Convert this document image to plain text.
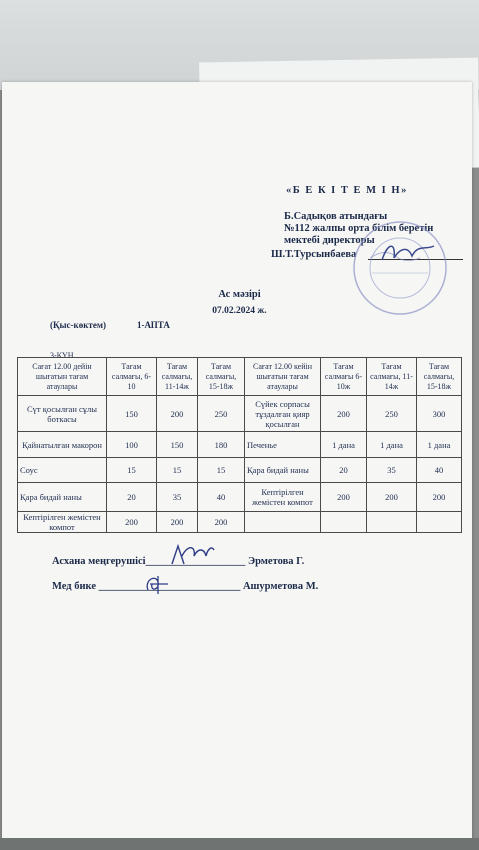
«Б Е К І Т Е М І Н»
Б.Садықов атындағы
№112 жалпы орта білім беретін
мектебі директоры
Ш.Т.Турсынбаева
Ас мәзірі
07.02.2024 ж.
(Қыс-көктем)	1-АПТА
3-КҮН
Сағат 12.00 дейін шығатын тағам атаулары	Тағам салмағы, 6-10	Тағам салмағы, 11-14ж	Тағам салмағы, 15-18ж	Сағат 12.00 кейін шығатын тағам атаулары	Тағам салмағы 6-10ж	Тағам салмағы, 11-14ж	Тағам салмағы, 15-18ж
Сүт қосылған сұлы боткасы	150	200	250	Сүйек сорпасы тұздалған қияр қосылған	200	250	300
Қайнатылған макорон	100	150	180	Печенье	1 дана	1 дана	1 дана
Соус	15	15	15	Қара бидай наны	20	35	40
Қара бидай наны	20	35	40	Кептірілген жемістен компот	200	200	200
Кептірілген жемістен компот	200	200	200				
Асхана меңгерушісі___________________ Эрметова Г.
Мед бике ___________________________ Ашурметова М.
